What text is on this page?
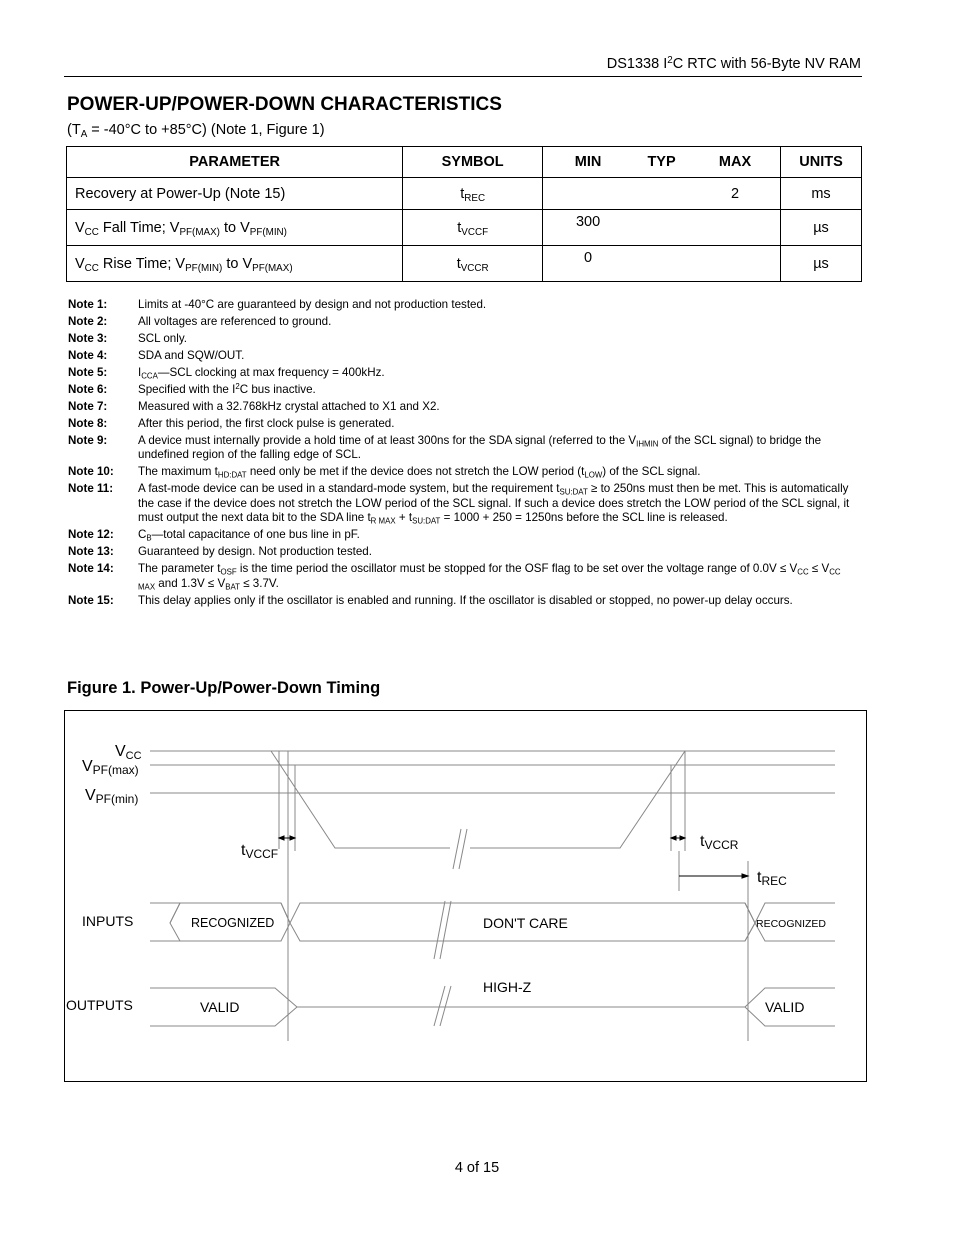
DS1338 $I^2C$ RTC with 56-Byte NV RAM
POWER-UP/POWER-DOWN CHARACTERISTICS
($T_A = -40^\circ C$ to +85°C) (Note 1, Figure 1)
PARAMETER	SYMBOL	MIN TYP MAX	UNITS
Recovery at Power-Up (Note 15)	$t_{REC}$	2	ms
$V_{CC}$ Fall Time; $V_{PF(MAX)}$ to $V_{PF(MIN)}$	$t_{VCCF}$	300	µs
$V_{CC}$ Rise Time; $V_{PF(MIN)}$ to $V_{PF(MAX)}$	$t_{VCCR}$	0	µs
Note 1:	Limits at -40°C are guaranteed by design and not production tested.
Note 2:	All voltages are referenced to ground.
Note 3:	SCL only.
Note 4:	SDA and SQW/OUT.
Note 5:	$I_{CCA}—SCL$ clocking at max frequency = 400kHz.
Note 6:	Specified with the $I^2C$ bus inactive.
Note 7:	Measured with a 32.768kHz crystal attached to X1 and X2.
Note 8:	After this period, the first clock pulse is generated.
Note 9:	A device must internally provide a hold time of at least 300ns for the SDA signal (referred to the $V_{IHMIN}$ of the SCL signal) to bridge the undefined region of the falling edge of SCL.
Note 10:	The maximum $t_{HD:DAT}$ need only be met if the device does not stretch the LOW period $(t_{LOW})$ of the SCL signal.
Note 11:	A fast-mode device can be used in a standard-mode system, but the requirement $t_{SU:DAT}$ ≥ to 250ns must then be met. This is automatically the case if the device does not stretch the LOW period of the SCL signal. If such a device does stretch the LOW period of the SCL signal, it must output the next data bit to the SDA line $t_{R MAX} + t_{SU:DAT} = 1000 + 250 = 1250ns$ before the SCL line is released.
Note 12:	$C_B—total$ capacitance of one bus line in pF.
Note 13:	Guaranteed by design. Not production tested.
Note 14:	The parameter $t_{OSF}$ is the time period the oscillator must be stopped for the OSF flag to be set over the voltage range of $0.0V \le V_{CC} \le V_{CC MAX}$ and $1.3V \le V_{BAT} \le 3.7V$.
Note 15:	This delay applies only if the oscillator is enabled and running. If the oscillator is disabled or stopped, no power-up delay occurs.
Figure 1. Power-Up/Power-Down Timing
VCC
VPF(max)
VPF(min)
tVCCF
tVCCR
tREC
INPUTS
OUTPUTS
RECOGNIZED	DON'T CARE	RECOGNIZED
HIGH-Z
VALID	VALID
4 of 15
